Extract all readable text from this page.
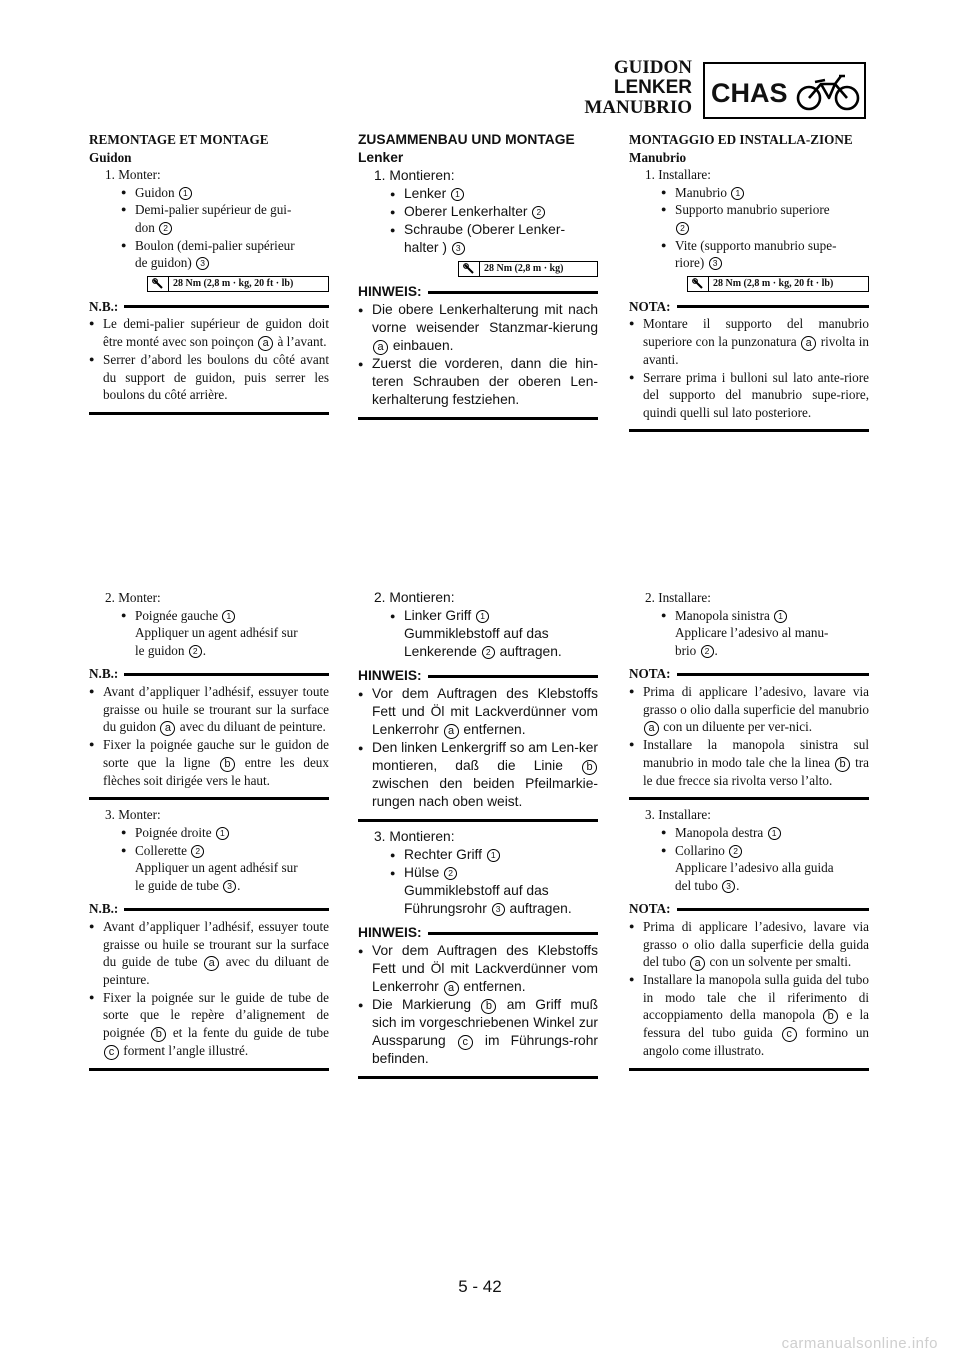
GUIDON
LENKER
MANUBRIO CHAS
REMONTAGE ET MONTAGE
Guidon
1. Monter:
● Guidon 1
● Demi-palier supérieur de gui-
don 2
● Boulon (demi-palier supérieur
de guidon) 3
28 Nm (2,8 m · kg, 20 ft · lb)
N.B.:
● Le demi-palier supérieur de guidon doit être monté avec son poinçon a à l’avant.
● Serrer d’abord les boulons du côté avant du support de guidon, puis serrer les boulons du côté arrière.
2. Monter:
● Poignée gauche 1
Appliquer un agent adhésif sur
le guidon 2 .
N.B.:
● Avant d’appliquer l’adhésif, essuyer toute graisse ou huile se trourant sur la surface du guidon a avec du diluant de peinture.
● Fixer la poignée gauche sur le guidon de sorte que la ligne b entre les deux flèches soit dirigée vers le haut.
3. Monter:
● Poignée droite 1
● Collerette 2
Appliquer un agent adhésif sur
le guide de tube 3 .
N.B.:
● Avant d’appliquer l’adhésif, essuyer toute graisse ou huile se trourant sur la surface du guide de tube a avec du diluant de peinture.
● Fixer la poignée sur le guide de tube de sorte que le repère d’alignement de poignée b et la fente du guide de tube c forment l’angle illustré.
ZUSAMMENBAU UND MONTAGE
Lenker
1. Montieren:
● Lenker 1
● Oberer Lenkerhalter 2
● Schraube (Oberer Lenker-
halter ) 3
28 Nm (2,8 m · kg)
HINWEIS:
● Die obere Lenkerhalterung mit nach vorne weisender Stanzmar-kierung a einbauen.
● Zuerst die vorderen, dann die hin-teren Schrauben der oberen Len-kerhalterung festziehen.
2. Montieren:
● Linker Griff 1
Gummiklebstoff auf das
Lenkerende 2 auftragen.
HINWEIS:
● Vor dem Auftragen des Klebstoffs Fett und Öl mit Lackverdünner vom Lenkerrohr a entfernen.
● Den linken Lenkergriff so am Len-ker montieren, daß die Linie b zwischen den beiden Pfeilmarkie-rungen nach oben weist.
3. Montieren:
● Rechter Griff 1
● Hülse 2
Gummiklebstoff auf das
Führungsrohr 3 auftragen.
HINWEIS:
● Vor dem Auftragen des Klebstoffs Fett und Öl mit Lackverdünner vom Lenkerrohr a entfernen.
● Die Markierung b am Griff muß sich im vorgeschriebenen Winkel zur Aussparung c im Führungs-rohr befinden.
MONTAGGIO ED INSTALLA-ZIONE
Manubrio
1. Installare:
● Manubrio 1
● Supporto manubrio superiore
2
● Vite (supporto manubrio supe-
riore) 3
28 Nm (2,8 m · kg, 20 ft · lb)
NOTA:
● Montare il supporto del manubrio superiore con la punzonatura a rivolta in avanti.
● Serrare prima i bulloni sul lato ante-riore del supporto del manubrio supe-riore, quindi quelli sul lato posteriore.
2. Installare:
● Manopola sinistra 1
Applicare l’adesivo al manu-
brio 2 .
NOTA:
● Prima di applicare l’adesivo, lavare via grasso o olio dalla superficie del manubrio a con un diluente per ver-nici.
● Installare la manopola sinistra sul manubrio in modo tale che la linea b tra le due frecce sia rivolta verso l’alto.
3. Installare:
● Manopola destra 1
● Collarino 2
Applicare l’adesivo alla guida
del tubo 3 .
NOTA:
● Prima di applicare l’adesivo, lavare via grasso o olio dalla superficie della guida del tubo a con un solvente per smalti.
● Installare la manopola sulla guida del tubo in modo tale che il riferimento di accoppiamento della manopola b e la fessura del tubo guida c formino un angolo come illustrato.
5 - 42
carmanualsonline.info
